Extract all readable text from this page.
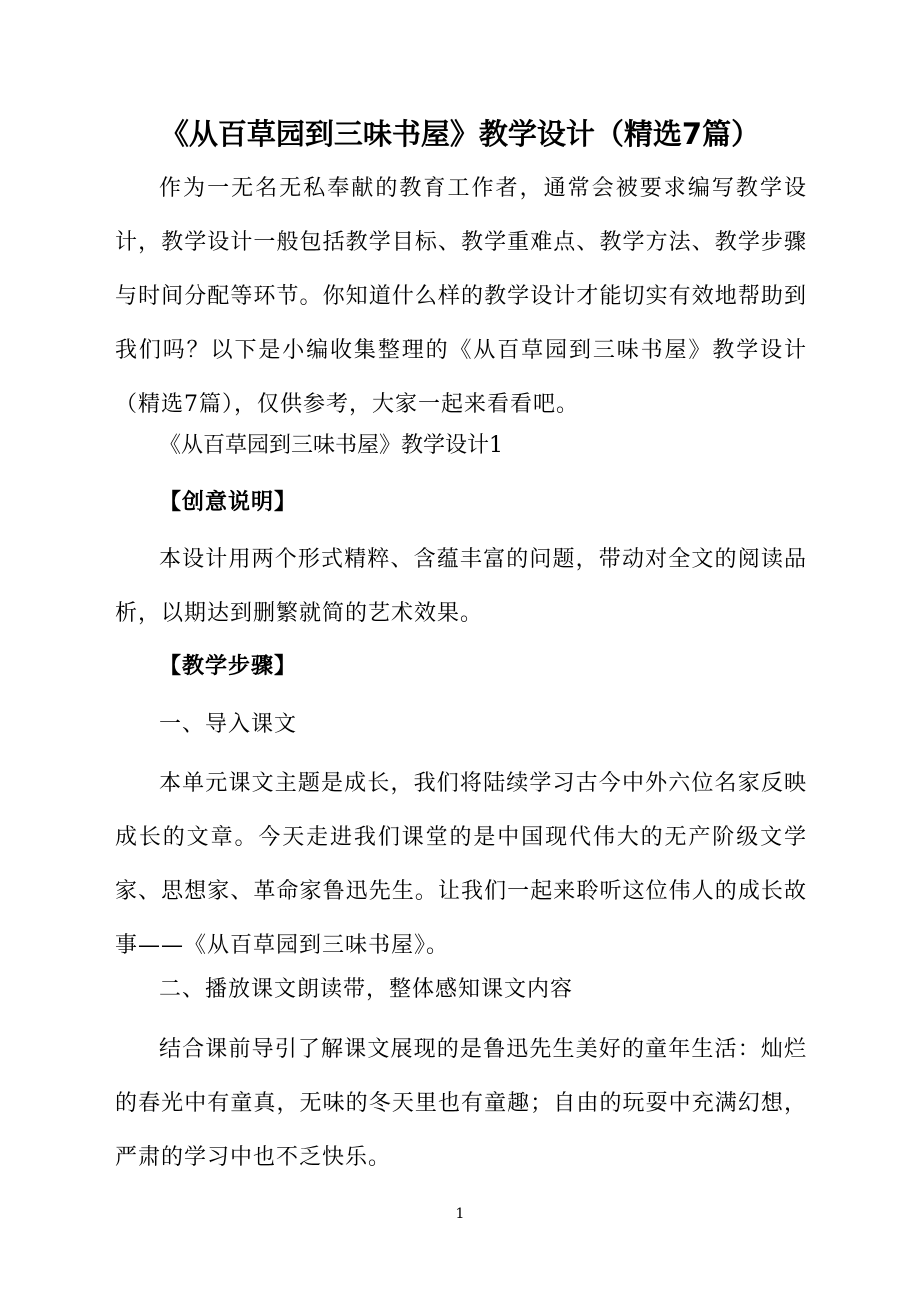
《从百草园到三味书屋》教学设计（精选7篇）

作为一无名无私奉献的教育工作者，通常会被要求编写教学设计，教学设计一般包括教学目标、教学重难点、教学方法、教学步骤与时间分配等环节。你知道什么样的教学设计才能切实有效地帮助到我们吗？以下是小编收集整理的《从百草园到三味书屋》教学设计（精选7篇），仅供参考，大家一起来看看吧。

《从百草园到三味书屋》教学设计1

【创意说明】

本设计用两个形式精粹、含蕴丰富的问题，带动对全文的阅读品析，以期达到删繁就简的艺术效果。

【教学步骤】

一、导入课文

本单元课文主题是成长，我们将陆续学习古今中外六位名家反映成长的文章。今天走进我们课堂的是中国现代伟大的无产阶级文学家、思想家、革命家鲁迅先生。让我们一起来聆听这位伟人的成长故事——《从百草园到三味书屋》。

二、播放课文朗读带，整体感知课文内容

结合课前导引了解课文展现的是鲁迅先生美好的童年生活：灿烂的春光中有童真，无味的冬天里也有童趣；自由的玩耍中充满幻想，严肃的学习中也不乏快乐。

1
